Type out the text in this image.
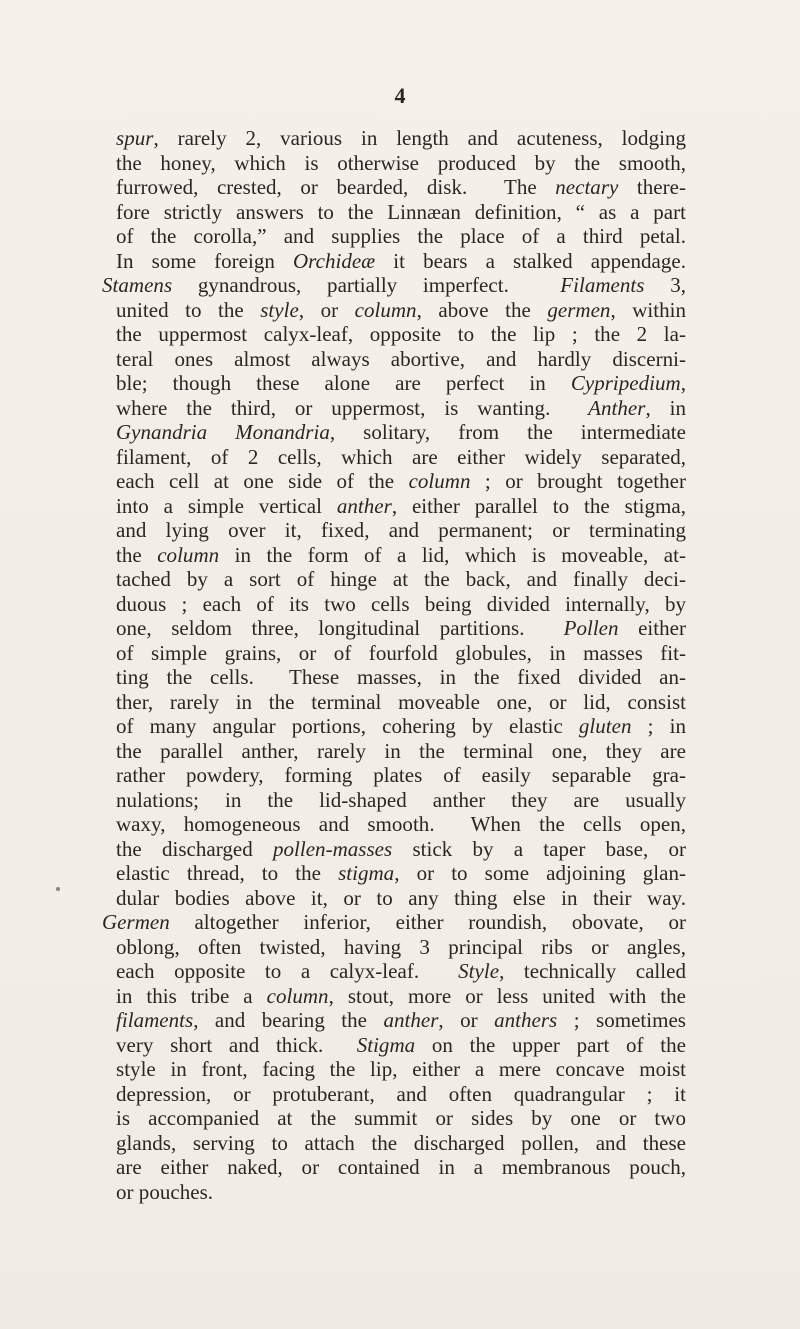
4
spur, rarely 2, various in length and acuteness, lodging
the honey, which is otherwise produced by the smooth,
furrowed, crested, or bearded, disk.  The nectary there-
fore strictly answers to the Linnæan definition, “ as a part
of the corolla,” and supplies the place of a third petal.
In some foreign Orchideæ it bears a stalked appendage.
Stamens gynandrous, partially imperfect.  Filaments 3,
united to the style, or column, above the germen, within
the uppermost calyx-leaf, opposite to the lip ; the 2 la-
teral ones almost always abortive, and hardly discerni-
ble; though these alone are perfect in Cypripedium,
where the third, or uppermost, is wanting.  Anther, in
Gynandria Monandria, solitary, from the intermediate
filament, of 2 cells, which are either widely separated,
each cell at one side of the column ; or brought together
into a simple vertical anther, either parallel to the stigma,
and lying over it, fixed, and permanent; or terminating
the column in the form of a lid, which is moveable, at-
tached by a sort of hinge at the back, and finally deci-
duous ; each of its two cells being divided internally, by
one, seldom three, longitudinal partitions.  Pollen either
of simple grains, or of fourfold globules, in masses fit-
ting the cells.  These masses, in the fixed divided an-
ther, rarely in the terminal moveable one, or lid, consist
of many angular portions, cohering by elastic gluten ; in
the parallel anther, rarely in the terminal one, they are
rather powdery, forming plates of easily separable gra-
nulations; in the lid-shaped anther they are usually
waxy, homogeneous and smooth.  When the cells open,
the discharged pollen-masses stick by a taper base, or
elastic thread, to the stigma, or to some adjoining glan-
dular bodies above it, or to any thing else in their way.
Germen altogether inferior, either roundish, obovate, or
oblong, often twisted, having 3 principal ribs or angles,
each opposite to a calyx-leaf.  Style, technically called
in this tribe a column, stout, more or less united with the
filaments, and bearing the anther, or anthers ; sometimes
very short and thick.  Stigma on the upper part of the
style in front, facing the lip, either a mere concave moist
depression, or protuberant, and often quadrangular ; it
is accompanied at the summit or sides by one or two
glands, serving to attach the discharged pollen, and these
are either naked, or contained in a membranous pouch,
or pouches.
